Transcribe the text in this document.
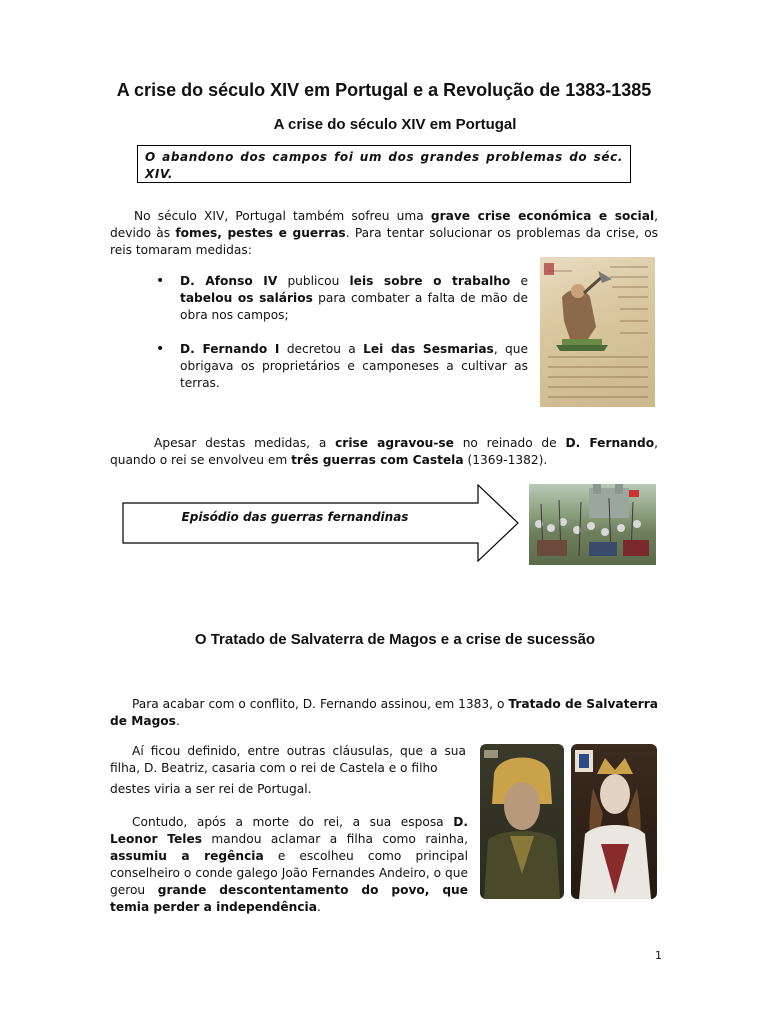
A crise do século XIV em Portugal e a Revolução de 1383-1385
A crise do século XIV em Portugal
O abandono dos campos foi um dos grandes problemas do séc. XIV.
No século XIV, Portugal também sofreu uma grave crise económica e social, devido às fomes, pestes e guerras. Para tentar solucionar os problemas da crise, os reis tomaram medidas:
• D. Afonso IV publicou leis sobre o trabalho e tabelou os salários para combater a falta de mão de obra nos campos;
• D. Fernando I decretou a Lei das Sesmarias, que obrigava os proprietários e camponeses a cultivar as terras.
Apesar destas medidas, a crise agravou-se no reinado de D. Fernando, quando o rei se envolveu em três guerras com Castela (1369-1382).
Episódio das guerras fernandinas
O Tratado de Salvaterra de Magos e a crise de sucessão
Para acabar com o conflito, D. Fernando assinou, em 1383, o Tratado de Salvaterra de Magos.
Aí ficou definido, entre outras cláusulas, que a sua filha, D. Beatriz, casaria com o rei de Castela e o filho
destes viria a ser rei de Portugal.
Contudo, após a morte do rei, a sua esposa D. Leonor Teles mandou aclamar a filha como rainha, assumiu a regência e escolheu como principal conselheiro o conde galego João Fernandes Andeiro, o que gerou grande descontentamento do povo, que temia perder a independência.
1
